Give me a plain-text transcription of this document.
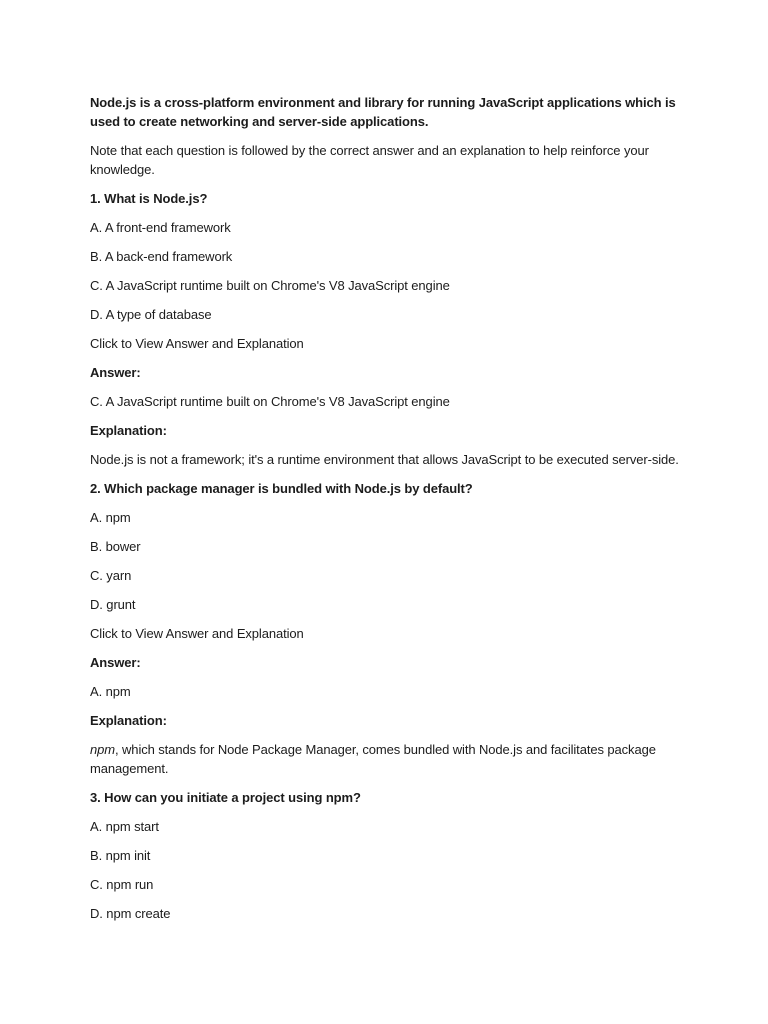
Node.js is a cross-platform environment and library for running JavaScript applications which is used to create networking and server-side applications.

Note that each question is followed by the correct answer and an explanation to help reinforce your knowledge.

1. What is Node.js?

A. A front-end framework

B. A back-end framework

C. A JavaScript runtime built on Chrome's V8 JavaScript engine

D. A type of database

Click to View Answer and Explanation

Answer:

C. A JavaScript runtime built on Chrome's V8 JavaScript engine

Explanation:

Node.js is not a framework; it's a runtime environment that allows JavaScript to be executed server-side.

2. Which package manager is bundled with Node.js by default?

A. npm

B. bower

C. yarn

D. grunt

Click to View Answer and Explanation

Answer:

A. npm

Explanation:

npm, which stands for Node Package Manager, comes bundled with Node.js and facilitates package management.

3. How can you initiate a project using npm?

A. npm start

B. npm init

C. npm run

D. npm create
